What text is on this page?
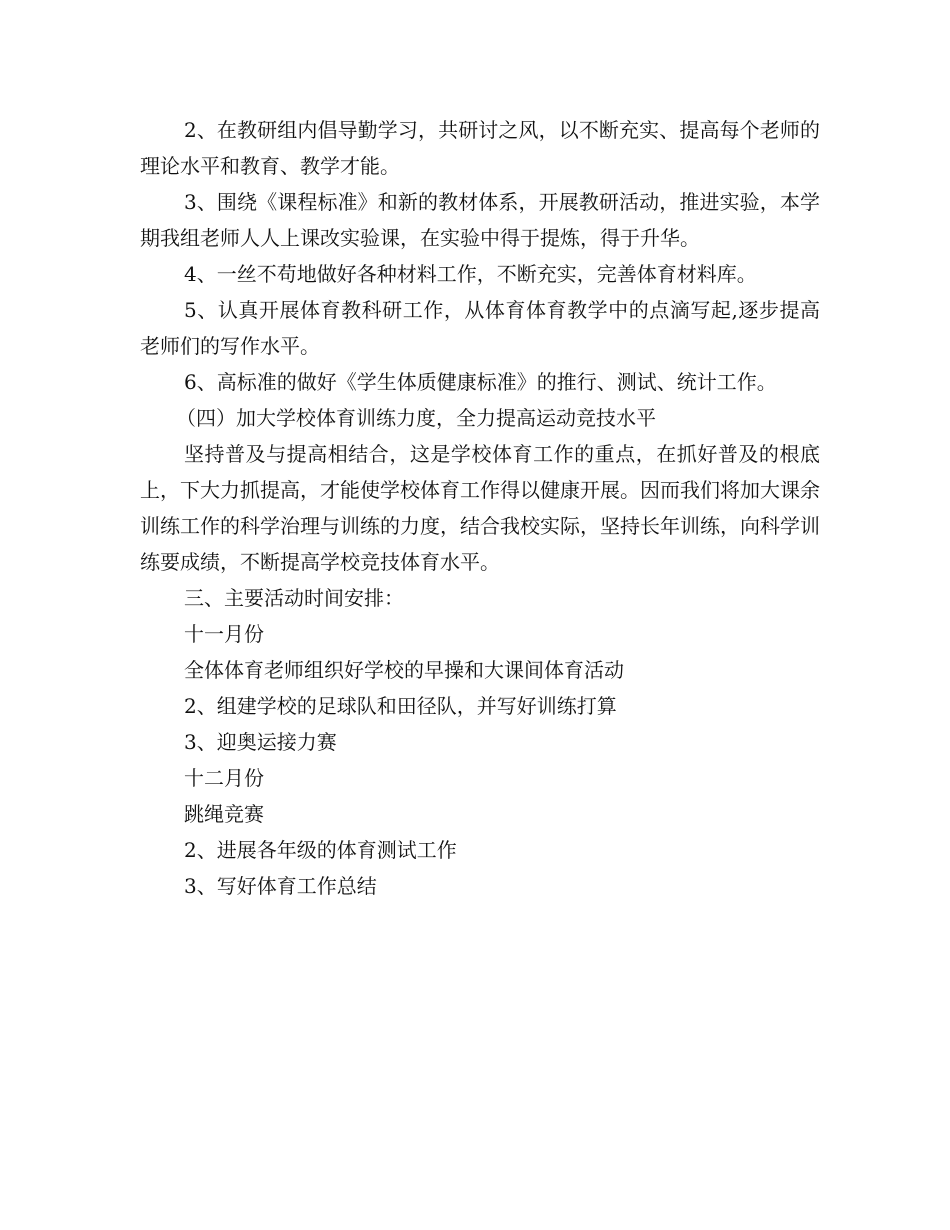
2、在教研组内倡导勤学习，共研讨之风，以不断充实、提高每个老师的理论水平和教育、教学才能。

3、围绕《课程标准》和新的教材体系，开展教研活动，推进实验，本学期我组老师人人上课改实验课，在实验中得于提炼，得于升华。

4、一丝不苟地做好各种材料工作，不断充实，完善体育材料库。

5、认真开展体育教科研工作，从体育体育教学中的点滴写起,逐步提高老师们的写作水平。

6、高标准的做好《学生体质健康标准》的推行、测试、统计工作。

（四）加大学校体育训练力度，全力提高运动竞技水平

坚持普及与提高相结合，这是学校体育工作的重点，在抓好普及的根底上，下大力抓提高，才能使学校体育工作得以健康开展。因而我们将加大课余训练工作的科学治理与训练的力度，结合我校实际，坚持长年训练，向科学训练要成绩，不断提高学校竞技体育水平。

三、主要活动时间安排：

十一月份

全体体育老师组织好学校的早操和大课间体育活动

2、组建学校的足球队和田径队，并写好训练打算

3、迎奥运接力赛

十二月份

跳绳竞赛

2、进展各年级的体育测试工作

3、写好体育工作总结
